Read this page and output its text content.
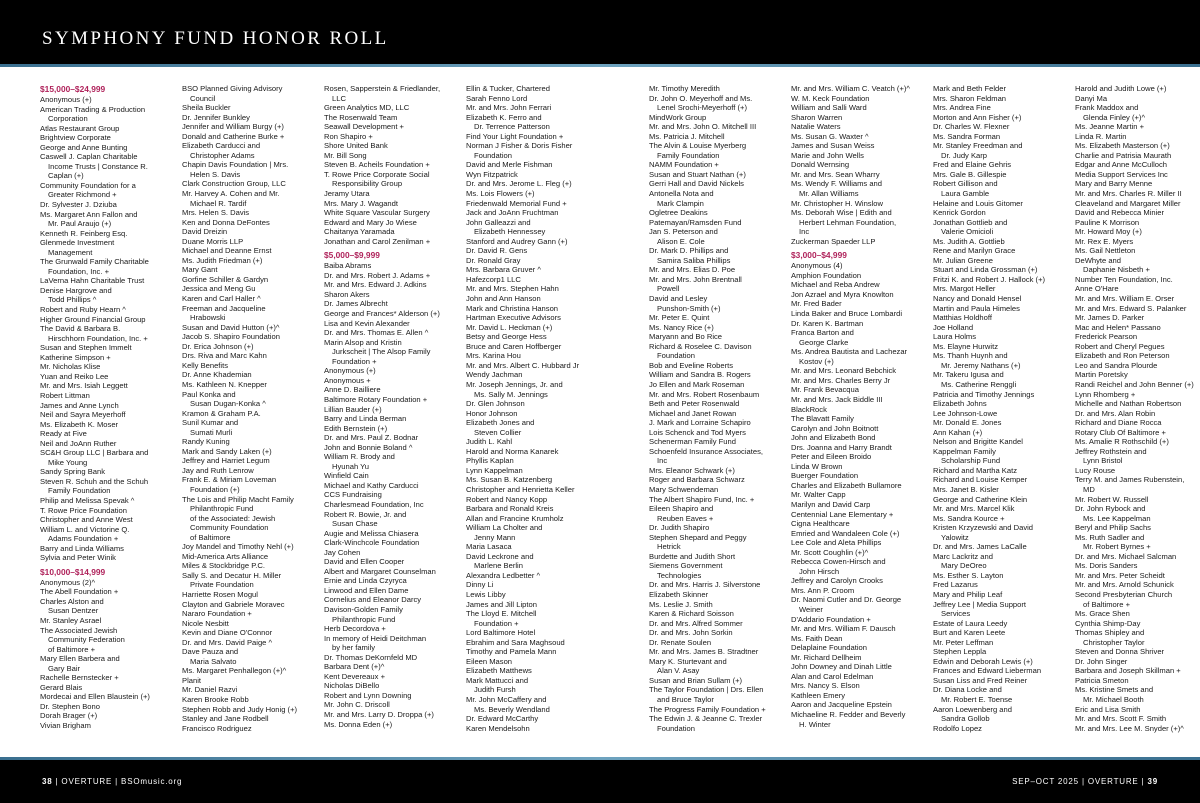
SYMPHONY FUND HONOR ROLL
$15,000–$24,999
Anonymous (+)
American Trading & Production
Corporation
Atlas Restaurant Group
Brightview Corporate
George and Anne Bunting
Caswell J. Caplan Charitable
Income Trusts | Constance R.
Caplan (+)
Community Foundation for a
Greater Richmond +
Dr. Sylvester J. Dziuba
Ms. Margaret Ann Fallon and
Mr. Paul Araujo (+)
Kenneth R. Feinberg Esq.
Glenmede Investment
Management
The Grunwald Family Charitable
Foundation, Inc. +
LaVerna Hahn Charitable Trust
Denise Hargrove and
Todd Phillips ^
Robert and Ruby Hearn ^
Higher Ground Financial Group
The David & Barbara B.
Hirschhorn Foundation, Inc. +
Susan and Stephen Immelt
Katherine Simpson +
Mr. Nicholas Klise
Yuan and Reiko Lee
Mr. and Mrs. Isiah Leggett
Robert Littman
James and Anne Lynch
Neil and Sayra Meyerhoff
Ms. Elizabeth K. Moser
Ready at Five
Neil and JoAnn Ruther
SC&H Group LLC | Barbara and
Mike Young
Sandy Spring Bank
Steven R. Schuh and the Schuh
Family Foundation
Philip and Melissa Spevak ^
T. Rowe Price Foundation
Christopher and Anne West
William L. and Victorine Q.
Adams Foundation +
Barry and Linda Williams
Sylvia and Peter Winik
$10,000–$14,999
Anonymous (2)^
The Abell Foundation +
Charles Alston and
Susan Dentzer
Mr. Stanley Asrael
The Associated Jewish
Community Federation
of Baltimore +
Mary Ellen Barbera and
Gary Bair
Rachelle Bernstecker +
Gerard Blais
Mordecai and Ellen Blaustein (+)
Dr. Stephen Bono
Dorah Brager (+)
Vivian Brigham
BSO Planned Giving Advisory
Council
Sheila Buckler
Dr. Jennifer Bunkley
Jennifer and William Burgy (+)
Donald and Catherine Burke +
Elizabeth Carducci and
Christopher Adams
Chapin Davis Foundation | Mrs.
Helen S. Davis
Clark Construction Group, LLC
Mr. Harvey A. Cohen and Mr.
Michael R. Tardif
Mrs. Helen S. Davis
Ken and Donna DeFontes
David Dreizin
Duane Morris LLP
Michael and Deanne Ernst
Ms. Judith Friedman (+)
Mary Gant
Gorfine Schiller & Gardyn
Jessica and Meng Gu
Karen and Carl Haller ^
Freeman and Jacqueline
Hrabowski
Susan and David Hutton (+)^
Jacob S. Shapiro Foundation
Dr. Erica Johnson (+)
Drs. Riva and Marc Kahn
Kelly Benefits
Dr. Anne Khademian
Ms. Kathleen N. Knepper
Paul Konka and
Susan Dugan-Konka ^
Kramon & Graham P.A.
Sunil Kumar and
Sumati Murli
Randy Kuning
Mark and Sandy Laken (+)
Jeffrey and Harriet Legum
Jay and Ruth Lenrow
Frank E. & Miriam Loveman
Foundation (+)
The Lois and Philip Macht Family
Philanthropic Fund
of the Associated: Jewish
Community Foundation
of Baltimore
Joy Mandel and Timothy Nehl (+)
Mid-America Arts Alliance
Miles & Stockbridge P.C.
Sally S. and Decatur H. Miller
Private Foundation
Harriette Rosen Mogul
Clayton and Gabriele Moravec
Nararo Foundation +
Nicole Nesbitt
Kevin and Diane O'Connor
Dr. and Mrs. David Paige ^
Dave Pauza and
Maria Salvato
Ms. Margaret Penhallegon (+)^
Planit
Mr. Daniel Razvi
Karen Brooke Robb
Stephen Robb and Judy Honig (+)
Stanley and Jane Rodbell
Francisco Rodriguez
Rosen, Sapperstein & Friedlander,
LLC
Green Analytics MD, LLC
The Rosenwald Team
Seawall Development +
Ron Shapiro +
Shore United Bank
Mr. Bill Song
Steven B. Acheils Foundation +
T. Rowe Price Corporate Social
Responsibility Group
Jeramy Utara
Mrs. Mary J. Wagandt
White Square Vascular Surgery
Edward and Mary Jo Wiese
Chaitanya Yaramada
Jonathan and Carol Zenilman +
$5,000–$9,999
Baiba Abrams
Dr. and Mrs. Robert J. Adams +
Mr. and Mrs. Edward J. Adkins
Sharon Akers
Dr. James Albrecht
George and Frances* Alderson (+)
Lisa and Kevin Alexander
Dr. and Mrs. Thomas E. Allen ^
Marin Alsop and Kristin
Jurkscheit | The Alsop Family
Foundation +
Anonymous (+)
Anonymous +
Anne D. Bailliere
Baltimore Rotary Foundation +
Lillian Bauder (+)
Barry and Linda Berman
Edith Bernstein (+)
Dr. and Mrs. Paul Z. Bodnar
John and Bonnie Boland ^
William R. Brody and
Hyunah Yu
Winfield Cain
Michael and Kathy Carducci
CCS Fundraising
Charlesmead Foundation, Inc
Robert R. Bowie, Jr. and
Susan Chase
Augie and Melissa Chiasera
Clark-Winchcole Foundation
Jay Cohen
David and Ellen Cooper
Albert and Margaret Counselman
Ernie and Linda Czyryca
Linwood and Ellen Dame
Cornelius and Eleanor Darcy
Davison-Golden Family
Philanthropic Fund
Herb Decordova +
In memory of Heidi Deitchman
by her family
Dr. Thomas DeKornfeld MD
Barbara Dent (+)^
Kent Devereaux +
Nicholas DiBello
Robert and Lynn Downing
Mr. John C. Driscoll
Mr. and Mrs. Larry D. Droppa (+)
Ms. Donna Eden (+)
Ellin & Tucker, Chartered
Sarah Fenno Lord
Mr. and Mrs. John Ferrari
Elizabeth K. Ferro and
Dr. Terrence Patterson
Find Your Light Foundation +
Norman J Fisher & Doris Fisher
Foundation
David and Merle Fishman
Wyn Fitzpatrick
Dr. and Mrs. Jerome L. Fleg (+)
Ms. Lois Flowers (+)
Friedenwald Memorial Fund +
Jack and JoAnn Fruchtman
John Galleazzi and
Elizabeth Hennessey
Stanford and Audrey Gann (+)
Dr. David R. Gens
Dr. Ronald Gray
Mrs. Barbara Gruver ^
Hafezcorp1 LLC
Mr. and Mrs. Stephen Hahn
John and Ann Hanson
Mark and Christina Hanson
Hartman Executive Advisors
Mr. David L. Heckman (+)
Betsy and George Hess
Bruce and Caren Hoffberger
Mrs. Karina Hou
Mr. and Mrs. Albert C. Hubbard Jr
Wendy Jachman
Mr. Joseph Jennings, Jr. and
Ms. Sally M. Jennings
Dr. Glen Johnson
Honor Johnson
Elizabeth Jones and
Steven Collier
Judith L. Kahl
Harold and Norma Kanarek
Phyllis Kaplan
Lynn Kappelman
Ms. Susan B. Katzenberg
Christopher and Henrietta Keller
Robert and Nancy Kopp
Barbara and Ronald Kreis
Allan and Francine Krumholz
William La Cholter and
Jenny Mann
Maria Lasaca
David Leckrone and
Marlene Berlin
Alexandra Ledbetter ^
Dinny Li
Lewis Libby
James and Jill Lipton
The Lloyd E. Mitchell
Foundation +
Lord Baltimore Hotel
Ebrahim and Sara Maghsoud
Timothy and Pamela Mann
Eileen Mason
Elizabeth Matthews
Mark Mattucci and
Judith Fursh
Mr. John McCaffery and
Ms. Beverly Wendland
Dr. Edward McCarthy
Karen Mendelsohn
Mr. Timothy Meredith
Dr. John O. Meyerhoff and Ms.
Lenel Srochi-Meyerhoff (+)
MindWork Group
Mr. and Mrs. John O. Mitchell III
Ms. Patricia J. Mitchell
The Alvin & Louise Myerberg
Family Foundation
NAMM Foundation +
Susan and Stuart Nathan (+)
Gerri Hall and David Nickels
Antonella Nota and
Mark Clampin
Ogletree Deakins
Patemayan/Ramsden Fund
Jan S. Peterson and
Alison E. Cole
Dr. Mark D. Phillips and
Samira Saliba Phillips
Mr. and Mrs. Elias D. Poe
Mr. and Mrs. John Brentnall
Powell
David and Lesley
Punshon-Smith (+)
Mr. Peter E. Quint
Ms. Nancy Rice (+)
Maryann and Bo Rice
Richard & Roselee C. Davison
Foundation
Bob and Eveline Roberts
William and Sandra B. Rogers
Jo Ellen and Mark Roseman
Mr. and Mrs. Robert Rosenbaum
Beth and Peter Rosenwald
Michael and Janet Rowan
J. Mark and Lorraine Schapiro
Lois Schenck and Tod Myers
Schenerman Family Fund
Schoenfeld Insurance Associates,
Inc
Mrs. Eleanor Schwark (+)
Roger and Barbara Schwarz
Mary Schwendeman
The Albert Shapiro Fund, Inc. +
Eileen Shapiro and
Reuben Eaves +
Dr. Judith Shapiro
Stephen Shepard and Peggy
Hetrick
Burdette and Judith Short
Siemens Government
Technologies
Dr. and Mrs. Harris J. Silverstone
Elizabeth Skinner
Ms. Leslie J. Smith
Karen & Richard Soisson
Dr. and Mrs. Alfred Sommer
Dr. and Mrs. John Sorkin
Dr. Renate Soulen
Mr. and Mrs. James B. Stradtner
Mary K. Sturtevant and
Alan V. Asay
Susan and Brian Sullam (+)
The Taylor Foundation | Drs. Ellen
and Bruce Taylor
The Progress Family Foundation +
The Edwin J. & Jeanne C. Trexler
Foundation
Mr. and Mrs. William C. Veatch (+)^
W. M. Keck Foundation
William and Salli Ward
Sharon Warren
Natalie Waters
Ms. Susan G. Waxter ^
James and Susan Weiss
Marie and John Wells
Donald Wernsing
Mr. and Mrs. Sean Wharry
Ms. Wendy F. Williams and
Mr. Allan Williams
Mr. Christopher H. Winslow
Ms. Deborah Wise | Edith and
Herbert Lehman Foundation,
Inc
Zuckerman Spaeder LLP
$3,000–$4,999
Anonymous (4)
Amphion Foundation
Michael and Reba Andrew
Jon Azrael and Myra Knowlton
Mr. Fred Bader
Linda Baker and Bruce Lombardi
Dr. Karen K. Bartman
Franca Barton and
George Clarke
Ms. Andrea Bautista and Lachezar
Kostov (+)
Mr. and Mrs. Leonard Bebchick
Mr. and Mrs. Charles Berry Jr
Mr. Frank Bevacqua
Mr. and Mrs. Jack Biddle III
BlackRock
The Blavatt Family
Carolyn and John Boitnott
John and Elizabeth Bond
Drs. Joanna and Harry Brandt
Peter and Eileen Broido
Linda W Brown
Buerger Foundation
Charles and Elizabeth Bullamore
Mr. Walter Capp
Marilyn and David Carp
Centennial Lane Elementary +
Cigna Healthcare
Emried and Wandaleen Cole (+)
Lee Cole and Aleta Phillips
Mr. Scott Coughlin (+)^
Rebecca Cowen-Hirsch and
John Hirsch
Jeffrey and Carolyn Crooks
Mrs. Ann P. Croom
Dr. Naomi Cutler and Dr. George
Weiner
D'Addario Foundation +
Mr. and Mrs. William F. Dausch
Ms. Faith Dean
Delaplaine Foundation
Mr. Richard Dellheim
John Downey and Dinah Little
Alan and Carol Edelman
Mrs. Nancy S. Elson
Kathleen Emery
Aaron and Jacqueline Epstein
Michaeline R. Fedder and Beverly
H. Winter
Mark and Beth Felder
Mrs. Sharon Feldman
Mrs. Andrea Fine
Morton and Ann Fisher (+)
Dr. Charles W. Flexner
Ms. Sandra Forman
Mr. Stanley Freedman and
Dr. Judy Karp
Fred and Elaine Gehris
Mrs. Gale B. Gillespie
Robert Gillison and
Laura Gamble
Helaine and Louis Gitomer
Kenrick Gordon
Jonathan Gottlieb and
Valerie Omicioli
Ms. Judith A. Gottlieb
Rene and Marilyn Grace
Mr. Julian Greene
Stuart and Linda Grossman (+)
Fritzi K. and Robert J. Hallock (+)
Mrs. Margot Heller
Nancy and Donald Hensel
Martin and Paula Himeles
Matthias Holdhoff
Joe Holland
Laura Holms
Ms. Elayne Hurwitz
Ms. Thanh Huynh and
Mr. Jeremy Nathans (+)
Mr. Takeru Igusa and
Ms. Catherine Renggli
Patricia and Timothy Jennings
Elizabeth Johns
Lee Johnson-Lowe
Mr. Donald E. Jones
Ann Kahan (+)
Nelson and Brigitte Kandel
Kappelman Family
Scholarship Fund
Richard and Martha Katz
Richard and Louise Kemper
Mrs. Janet B. Kisler
George and Catherine Klein
Mr. and Mrs. Marcel Klik
Ms. Sandra Kource +
Kristen Krzyzewski and David
Yalowitz
Dr. and Mrs. James LaCalle
Marc Lackritz and
Mary DeOreo
Ms. Esther S. Layton
Fred Lazarus
Mary and Philip Leaf
Jeffrey Lee | Media Support
Services
Estate of Laura Leedy
Burt and Karen Leete
Mr. Peter Leffman
Stephen Leppla
Edwin and Deborah Lewis (+)
Frances and Edward Lieberman
Susan Liss and Fred Reiner
Dr. Diana Locke and
Mr. Robert E. Toense
Aaron Loewenberg and
Sandra Gollob
Rodolfo Lopez
Harold and Judith Lowe (+)
Danyi Ma
Frank Maddox and
Glenda Finley (+)^
Ms. Jeanne Martin +
Linda R. Martin
Ms. Elizabeth Masterson (+)
Charlie and Patrisia Maurath
Edgar and Anne McCulloch
Media Support Services Inc
Mary and Barry Menne
Mr. and Mrs. Charles R. Miller II
Cleaveland and Margaret Miller
David and Rebecca Minier
Pauline K Morrison
Mr. Howard Moy (+)
Mr. Rex E. Myers
Ms. Gail Nettleton
DeWhyte and
Daphanie Nisbeth +
Number Ten Foundation, Inc.
Anne O'Hare
Mr. and Mrs. William E. Orser
Mr. and Mrs. Edward S. Palanker
Mr. James D. Parker
Mac and Helen* Passano
Frederick Pearson
Robert and Cheryl Pegues
Elizabeth and Ron Peterson
Leo and Sandra Plourde
Martin Poretsky
Randi Reichel and John Benner (+)
Lynn Rhomberg +
Michelle and Nathan Robertson
Dr. and Mrs. Alan Robin
Richard and Diane Rocca
Rotary Club Of Baltimore +
Ms. Amalie R Rothschild (+)
Jeffrey Rothstein and
Lynn Bristol
Lucy Rouse
Terry M. and James Rubenstein,
MD
Mr. Robert W. Russell
Dr. John Rybock and
Ms. Lee Kappelman
Beryl and Philip Sachs
Ms. Ruth Sadler and
Mr. Robert Byrnes +
Dr. and Mrs. Michael Salcman
Ms. Doris Sanders
Mr. and Mrs. Peter Scheidt
Mr. and Mrs. Arnold Schunick
Second Presbyterian Church
of Baltimore +
Ms. Grace Shen
Cynthia Shimp-Day
Thomas Shipley and
Christopher Taylor
Steven and Donna Shriver
Dr. John Singer
Barbara and Joseph Skillman +
Patricia Smeton
Ms. Kristine Smets and
Mr. Michael Booth
Eric and Lisa Smith
Mr. and Mrs. Scott F. Smith
Mr. and Mrs. Lee M. Snyder (+)^
38 | OVERTURE | BSOmusic.org	SEP–OCT 2025 | OVERTURE | 39
